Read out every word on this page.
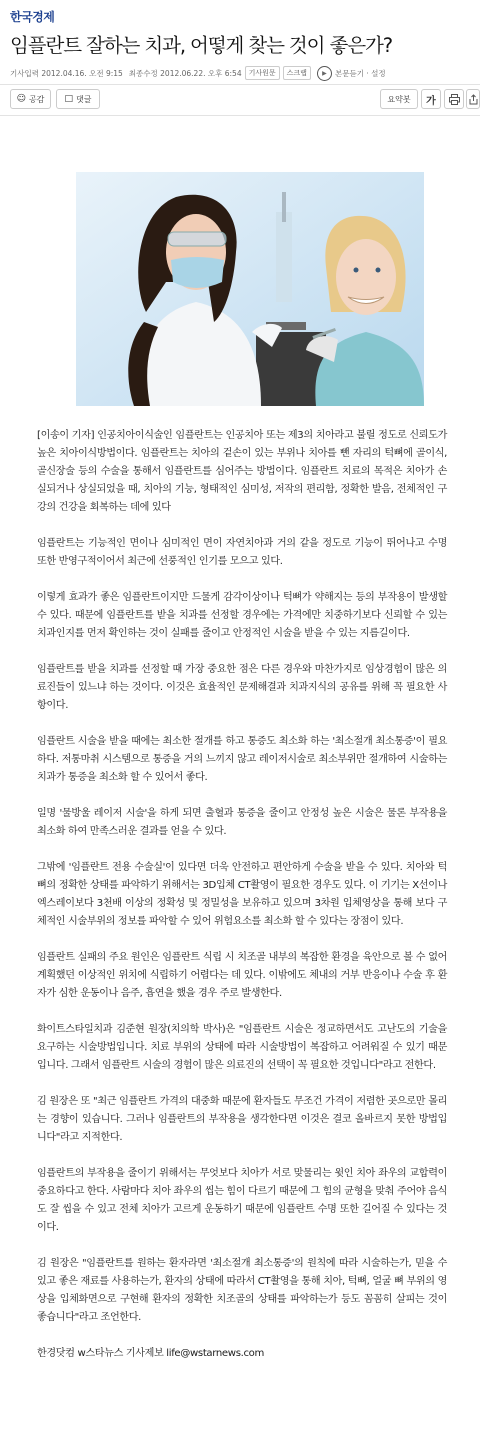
한국경제
임플란트 잘하는 치과, 어떻게 찾는 것이 좋은가?
기사입력 2012.04.16. 오전 9:15 최종수정 2012.06.22. 오후 6:54	기사원문	스크랩	▶	본문듣기 · 설정
☺ 공감 □ 댓글	요약봇	가

[이송이 기자] 인공치아이식술인 임플란트는 인공치아 또는 제3의 치아라고 불릴 정도로 신뢰도가 높은 치아이식방법이다. 임플란트는 치아의 겉손이 있는 부위나 치아를 뺀 자리의 턱뼈에 골이식, 골신장술 등의 수술을 통해서 임플란트를 심어주는 방법이다. 임플란트 치료의 목적은 치아가 손실되거나 상실되었을 때, 치아의 기능, 형태적인 심미성, 저작의 편리함, 정확한 발음, 전체적인 구강의 건강을 회복하는 데에 있다

임플란트는 기능적인 면이나 심미적인 면이 자연치아과 거의 같을 정도로 기능이 뛰어나고 수명 또한 반영구적이어서 최근에 선풍적인 인기를 모으고 있다.

이렇게 효과가 좋은 임플란트이지만 드물게 감각이상이나 턱뼈가 약해지는 등의 부작용이 발생할 수 있다. 때문에 임플란트를 받을 치과를 선정할 경우에는 가격에만 치중하기보다 신뢰할 수 있는 치과인지를 먼저 확인하는 것이 실패를 줄이고 안정적인 시술을 받을 수 있는 지름길이다.

임플란트를 받을 치과를 선정할 때 가장 중요한 점은 다른 경우와 마찬가지로 임상경험이 많은 의료진들이 있느냐 하는 것이다. 이것은 효율적인 문제해결과 치과지식의 공유를 위해 꼭 필요한 사항이다.

임플란트 시술을 받을 때에는 최소한 절개를 하고 통증도 최소화 하는 '최소절개 최소통증'이 필요하다. 저통마취 시스템으로 통증을 거의 느끼지 않고 레이저시술로 최소부위만 절개하여 시술하는 치과가 통증을 최소화 할 수 있어서 좋다.

일명 '물방울 레이저 시술'을 하게 되면 출혈과 통증을 줄이고 안정성 높은 시술은 물론 부작용을 최소화 하여 만족스러운 결과를 얻을 수 있다.

그밖에 '임플란트 전용 수술실'이 있다면 더욱 안전하고 편안하게 수술을 받을 수 있다. 치아와 턱뼈의 정확한 상태를 파악하기 위해서는 3D입체 CT촬영이 필요한 경우도 있다. 이 기기는 X선이나 엑스레이보다 3천배 이상의 정확성 및 정밀성을 보유하고 있으며 3차원 입체영상을 통해 보다 구체적인 시술부위의 정보를 파악할 수 있어 위험요소를 최소화 할 수 있다는 장점이 있다.

임플란트 실패의 주요 원인은 임플란트 식립 시 치조골 내부의 복잡한 환경을 육안으로 볼 수 없어 계획했던 이상적인 위치에 식립하기 어렵다는 데 있다. 이밖에도 체내의 거부 반응이나 수술 후 환자가 심한 운동이나 음주, 흡연을 했을 경우 주로 발생한다.

화이트스타일치과 김준현 원장(치의학 박사)은 "임플란트 시술은 정교하면서도 고난도의 기술을 요구하는 시술방법입니다. 치료 부위의 상태에 따라 시술방법이 복잡하고 어려워질 수 있기 때문입니다. 그래서 임플란트 시술의 경험이 많은 의료진의 선택이 꼭 필요한 것입니다"라고 전한다.

김 원장은 또 "최근 임플란트 가격의 대중화 때문에 환자들도 무조건 가격이 저렴한 곳으로만 몰리는 경향이 있습니다. 그러나 임플란트의 부작용을 생각한다면 이것은 결코 올바르지 못한 방법입니다"라고 지적한다.

임플란트의 부작용을 줄이기 위해서는 무엇보다 치아가 서로 맞물리는 윗인 치아 좌우의 교합력이 중요하다고 한다. 사람마다 치아 좌우의 씹는 힘이 다르기 때문에 그 힘의 균형을 맞춰 주어야 음식도 잘 씹을 수 있고 전체 치아가 고르게 운동하기 때문에 임플란트 수명 또한 길어질 수 있다는 것이다.

김 원장은 "임플란트를 원하는 환자라면 '최소절개 최소통증'의 원칙에 따라 시술하는가, 믿을 수 있고 좋은 재료를 사용하는가, 환자의 상태에 따라서 CT촬영을 통해 치아, 턱뼈, 얼굴 뼈 부위의 영상을 입체화면으로 구현해 환자의 정확한 치조골의 상태를 파악하는가 등도 꼼꼼히 살피는 것이 좋습니다"라고 조언한다.

한경닷컴 w스타뉴스 기사제보 life@wstarnews.com
